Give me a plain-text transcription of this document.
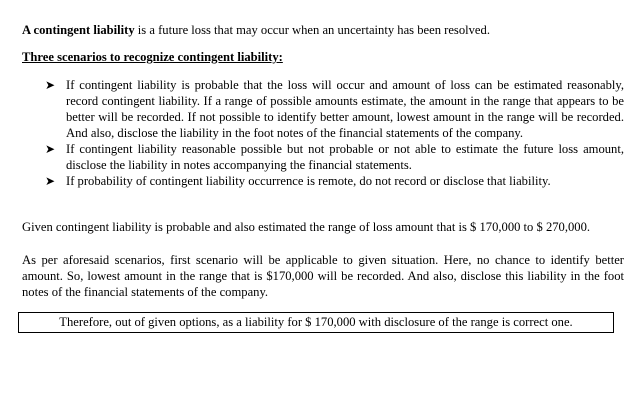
A contingent liability is a future loss that may occur when an uncertainty has been resolved.

Three scenarios to recognize contingent liability:

➤ If contingent liability is probable that the loss will occur and amount of loss can be estimated reasonably, record contingent liability. If a range of possible amounts estimate, the amount in the range that appears to be better will be recorded. If not possible to identify better amount, lowest amount in the range will be recorded. And also, disclose the liability in the foot notes of the financial statements of the company.
➤ If contingent liability reasonable possible but not probable or not able to estimate the future loss amount, disclose the liability in notes accompanying the financial statements.
➤ If probability of contingent liability occurrence is remote, do not record or disclose that liability.

Given contingent liability is probable and also estimated the range of loss amount that is $ 170,000 to $ 270,000.

As per aforesaid scenarios, first scenario will be applicable to given situation. Here, no chance to identify better amount. So, lowest amount in the range that is $170,000 will be recorded. And also, disclose this liability in the foot notes of the financial statements of the company.

Therefore, out of given options, as a liability for $ 170,000 with disclosure of the range is correct one.
